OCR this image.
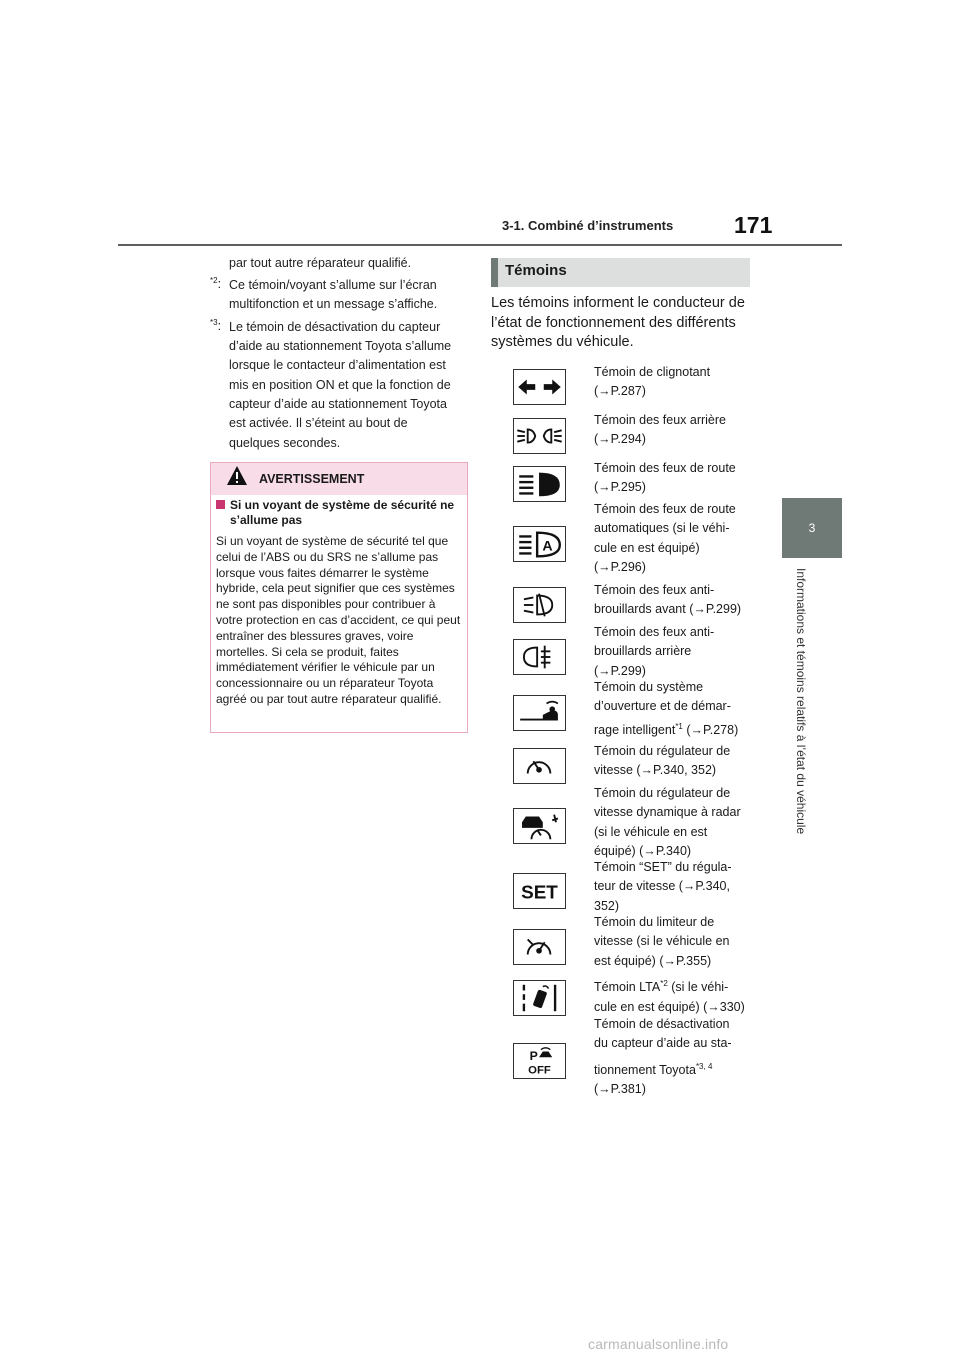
3-1. Combiné d’instruments	171
3
Informations et témoins relatifs à l’état du véhicule
par tout autre réparateur qualifié.
$^{*2}$: Ce témoin/voyant s’allume sur l’écran
multifonction et un message s’affiche.
$^{*3}$: Le témoin de désactivation du capteur
d’aide au stationnement Toyota s’allume
lorsque le contacteur d’alimentation est
mis en position ON et que la fonction de
capteur d’aide au stationnement Toyota
est activée. Il s’éteint au bout de
quelques secondes.
AVERTISSEMENT
Si un voyant de système de sécurité ne s’allume pas
Si un voyant de système de sécurité tel que celui de l’ABS ou du SRS ne s’allume pas lorsque vous faites démarrer le système hybride, cela peut signifier que ces systèmes ne sont pas disponibles pour contribuer à votre protection en cas d’accident, ce qui peut entraîner des blessures graves, voire mortelles. Si cela se produit, faites immédiatement vérifier le véhicule par un concessionnaire ou un réparateur Toyota agréé ou par tout autre réparateur qualifié.
Témoins
Les témoins informent le conducteur de l’état de fonctionnement des différents systèmes du véhicule.
A
SET
P
OFF
Témoin de clignotant
(→P.287)
Témoin des feux arrière
(→P.294)
Témoin des feux de route
(→P.295)
Témoin des feux de route
automatiques (si le véhi-
cule en est équipé)
(→P.296)
Témoin des feux anti-
brouillards avant (→P.299)
Témoin des feux anti-
brouillards arrière
(→P.299)
Témoin du système
d’ouverture et de démar-
rage intelligent$^{*1}$ (→P.278)
Témoin du régulateur de
vitesse (→P.340, 352)
Témoin du régulateur de
vitesse dynamique à radar
(si le véhicule en est
équipé) (→P.340)
Témoin “SET” du régula-
teur de vitesse (→P.340,
352)
Témoin du limiteur de
vitesse (si le véhicule en
est équipé) (→P.355)
Témoin LTA$^{*2}$ (si le véhi-
cule en est équipé) (→330)
Témoin de désactivation
du capteur d’aide au sta-
tionnement Toyota$^{*3, 4}$
(→P.381)
carmanualsonline.info
